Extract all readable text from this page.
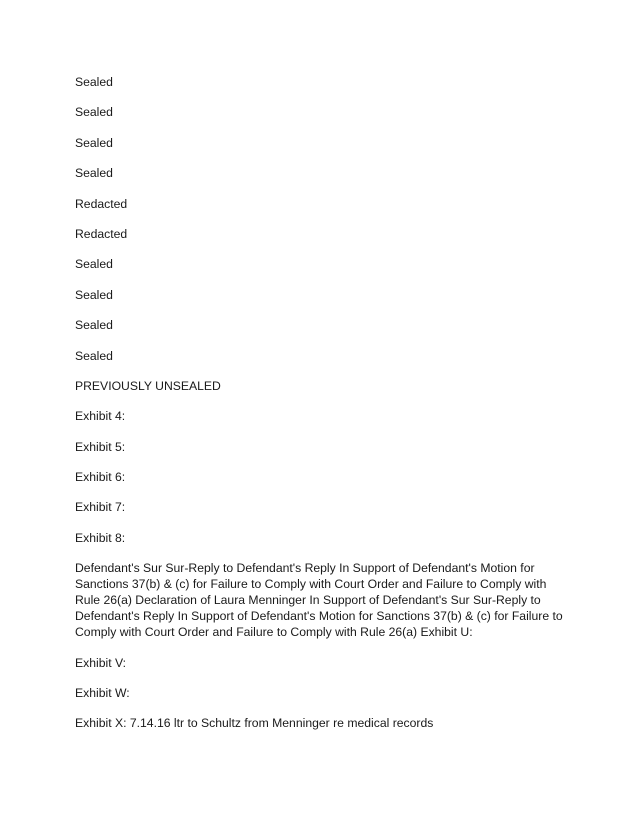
Sealed

Sealed

Sealed

Sealed

Redacted

Redacted

Sealed

Sealed

Sealed

Sealed

PREVIOUSLY UNSEALED

Exhibit 4:

Exhibit 5:

Exhibit 6:

Exhibit 7:

Exhibit 8:

Defendant's Sur Sur-Reply to Defendant's Reply In Support of Defendant's Motion for Sanctions 37(b) & (c) for Failure to Comply with Court Order and Failure to Comply with Rule 26(a) Declaration of Laura Menninger In Support of Defendant's Sur Sur-Reply to Defendant's Reply In Support of Defendant's Motion for Sanctions 37(b) & (c) for Failure to Comply with Court Order and Failure to Comply with Rule 26(a) Exhibit U:

Exhibit V:

Exhibit W:

Exhibit X: 7.14.16 ltr to Schultz from Menninger re medical records
